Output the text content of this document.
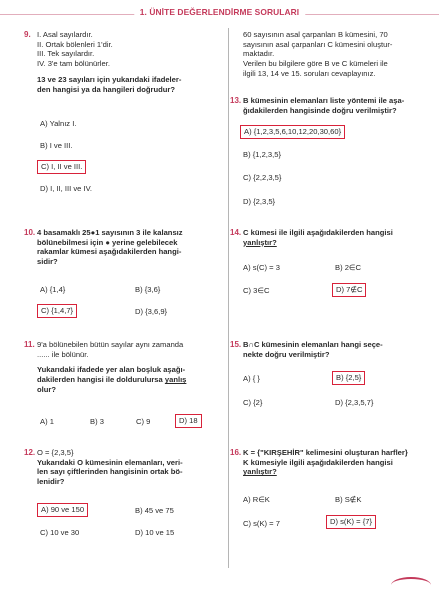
1. ÜNİTE DEĞERLENDİRME SORULARI
9. I. Asal sayılardır.
II. Ortak bölenleri 1'dir.
III. Tek sayılardır.
IV. 3'e tam bölünürler.
13 ve 23 sayıları için yukarıdaki ifadeler-
den hangisi ya da hangileri doğrudur?
A) Yalnız I.
B) I ve III.
C) I, II ve III.
D) I, II, III ve IV.
10. 4 basamaklı 25●1 sayısının 3 ile kalansız
bölünebilmesi için ● yerine gelebilecek
rakamlar kümesi aşağıdakilerden hangi-
sidir?
A) {1,4}	B) {3,6}
C) {1,4,7}	D) {3,6,9}
11. 9'a bölünebilen bütün sayılar aynı zamanda
...... ile bölünür.
Yukarıdaki ifadede yer alan boşluk aşağı-
dakilerden hangisi ile doldurulursa yanlış
olur?
A) 1	B) 3	C) 9	D) 18
12. O = {2,3,5}
Yukarıdaki O kümesinin elemanları, veri-
len sayı çiftlerinden hangisinin ortak bö-
lenidir?
A) 90 ve 150	B) 45 ve 75
C) 10 ve 30	D) 10 ve 15
60 sayısının asal çarpanları B kümesini, 70
sayısının asal çarpanları C kümesini oluştur-
maktadır.
Verilen bu bilgilere göre B ve C kümeleri ile
ilgili 13, 14 ve 15. soruları cevaplayınız.
13. B kümesinin elemanları liste yöntemi ile aşa-
ğıdakilerden hangisinde doğru verilmiştir?
A) {1,2,3,5,6,10,12,20,30,60}
B) {1,2,3,5}
C) {2,2,3,5}
D) {2,3,5}
14. C kümesi ile ilgili aşağıdakilerden hangisi
yanlıştır?
A) s(C) = 3	B) 2∈C
C) 3∈C	D) 7∉C
15. B∩C kümesinin elemanları hangi seçe-
nekte doğru verilmiştir?
A) { }	B) {2,5}
C) {2}	D) {2,3,5,7}
16. K = {"KIRŞEHİR" kelimesini oluşturan harfler}
K kümesiyle ilgili aşağıdakilerden hangisi
yanlıştır?
A) R∈K	B) S∉K
C) s(K) = 7	D) s(K) = {7}
